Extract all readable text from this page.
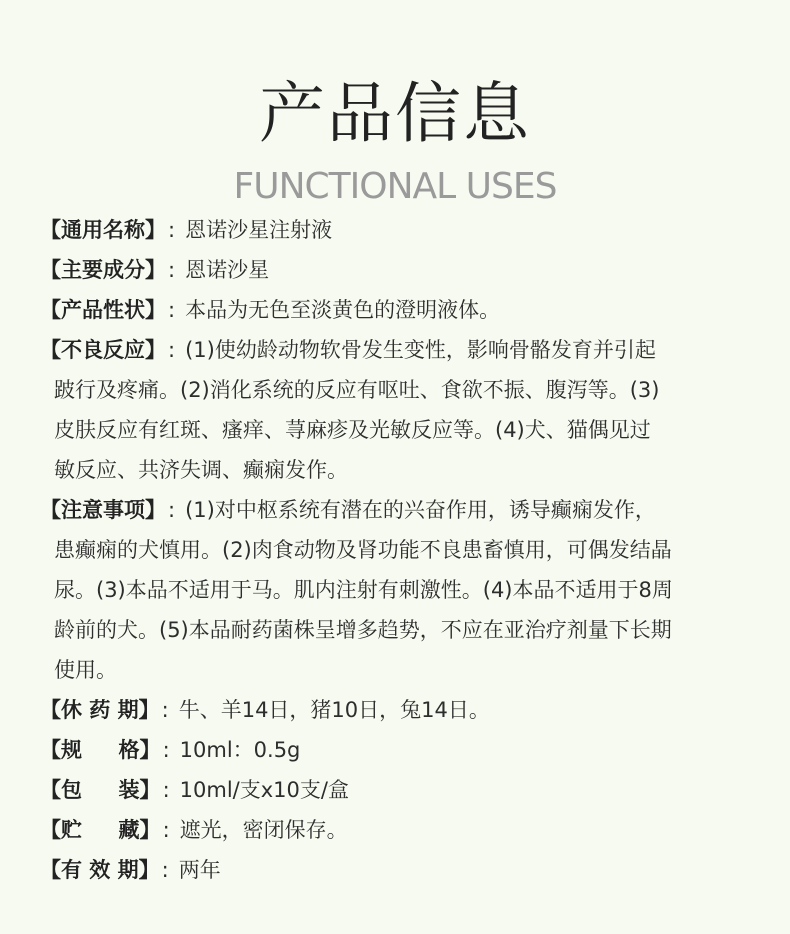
产品信息
FUNCTIONAL USES
【通用名称】: 恩诺沙星注射液
【主要成分】: 恩诺沙星
【产品性状】: 本品为无色至淡黄色的澄明液体。
【不良反应】: (1)使幼龄动物软骨发生变性，影响骨骼发育并引起
跛行及疼痛。(2)消化系统的反应有呕吐、食欲不振、腹泻等。(3)
皮肤反应有红斑、瘙痒、荨麻疹及光敏反应等。(4)犬、猫偶见过
敏反应、共济失调、癫痫发作。
【注意事项】: (1)对中枢系统有潜在的兴奋作用，诱导癫痫发作，
患癫痫的犬慎用。(2)肉食动物及肾功能不良患畜慎用，可偶发结晶
尿。(3)本品不适用于马。肌内注射有刺激性。(4)本品不适用于8周
龄前的犬。(5)本品耐药菌株呈增多趋势，不应在亚治疗剂量下长期
使用。
【休 药 期】: 牛、羊14日，猪10日，兔14日。
【规     格】: 10ml：0.5g
【包     装】: 10ml/支x10支/盒
【贮     藏】: 遮光，密闭保存。
【有 效 期】: 两年
